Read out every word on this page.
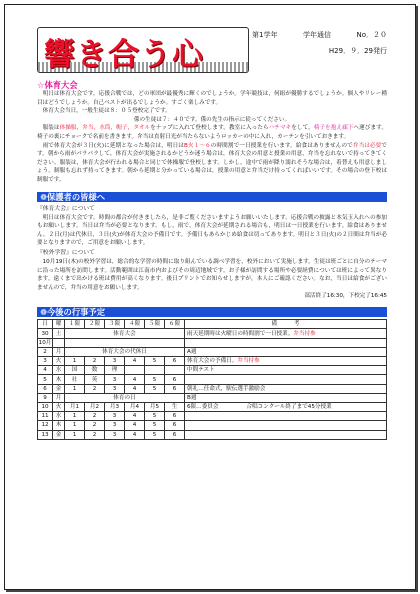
響き合う心
第1学年	学年通信	No．２０
H29．９．29発行
☆体育大会

明日は体育大会です。応援合戦では，どの軍団が最優秀に輝くのでしょうか。学年競技は，何組が優勝するでしょうか。個人やリレー種目はどうでしょうか。自己ベストが出るでしょうか。すごく楽しみです。

体育大会当日，一般生徒は８：０５登校完了です。

係の生徒は７：４０です。係の先生の指示に従ってください。

服装は体操服，弁当，水筒，帽子，タオルをナップに入れて登校します。教室に入ったらハチマキをして，椅子を抱え廊下へ運びます。椅子の裏にチョークで名前を書きます。弁当は直射日光が当たらないようロッカーの中に入れ，カーテンを引いておきます。

雨で体育大会が３日(火)に延期となった場合は，明日はB火１～６の時間割で一日授業を行います。給食はありませんので弁当は必要です。朝から雨がパラパラして，体育大会が実施されるかどうか迷う場合は，体育大会の用意と授業の用意，弁当を忘れないで持ってきてください。服装は，体育大会が行われる場合と同じで体操服で登校します。しかし，途中で雨が降り濡れそうな場合は，着替えも用意しましょう。制服も忘れず持ってきます。朝から延期と分かっている場合は，授業の用意と弁当だけ持ってくればいいです。その場合の登下校は制服です。

❁保護者の皆様へ

『体育大会』について

明日は体育大会です。時間の都合が付きましたら，是非ご覧くださいますようお願いいたします。応援合戦の披露と本気玉入れへの参加もお願いします。当日は弁当が必要となります。もし，雨で，体育大会が延期される場合も，明日は一日授業を行います。給食はありません。２日(月)は代休日，３日(火)が体育大会の予備日です。予備日もあらかじめ給食は切ってあります。明日と３日(火)の２日間は弁当が必要となりますので，ご用意をお願いします。

『校外学習』について

10月19日(木)の校外学習は，総合的な学習の時間に取り組んでいる調べ学習を，校外において実施します。生徒は班ごとに自分のテーマに沿った場所を訪問します。活動範囲は江南市内およびその周辺地域です。お子様が訪問する場所や必要経費については班によって異なります。遠くまで出かける班は費用が高くなります。後日プリントでお知らせしますが，本人にご確認ください。なお，当日は給食がございませんので，弁当の用意をお願いします。

部活終了16:30，下校完了16:45
❁今後の行事予定
日	曜	１限	２限	３限	４限	５限	６限	備　　　考
30	土	体育大会						雨天延期時は火曜日の時間割で一日授業。弁当持参
10月								
2	月	体育大会の代休日						A週
3	火	1	2	3	4	5	6	体育大会の予備日。弁当持参
4	水	国	数	理				中間テスト
5	木	社	英	3	4	5	6	
6	金	1	2	3	4	5	6	朝礼…任命式，駅伝選手激励会
9	月	体育の日						B週
10	火	月1	月2	月3	月4	月5	生	6限…委員会　　　　　合唱コンクール終了まで45分授業
11	水	1	2	3	4	5	6	
12	木	1	2	3	4	5	6	
13	金	1	2	3	4	5	6	
